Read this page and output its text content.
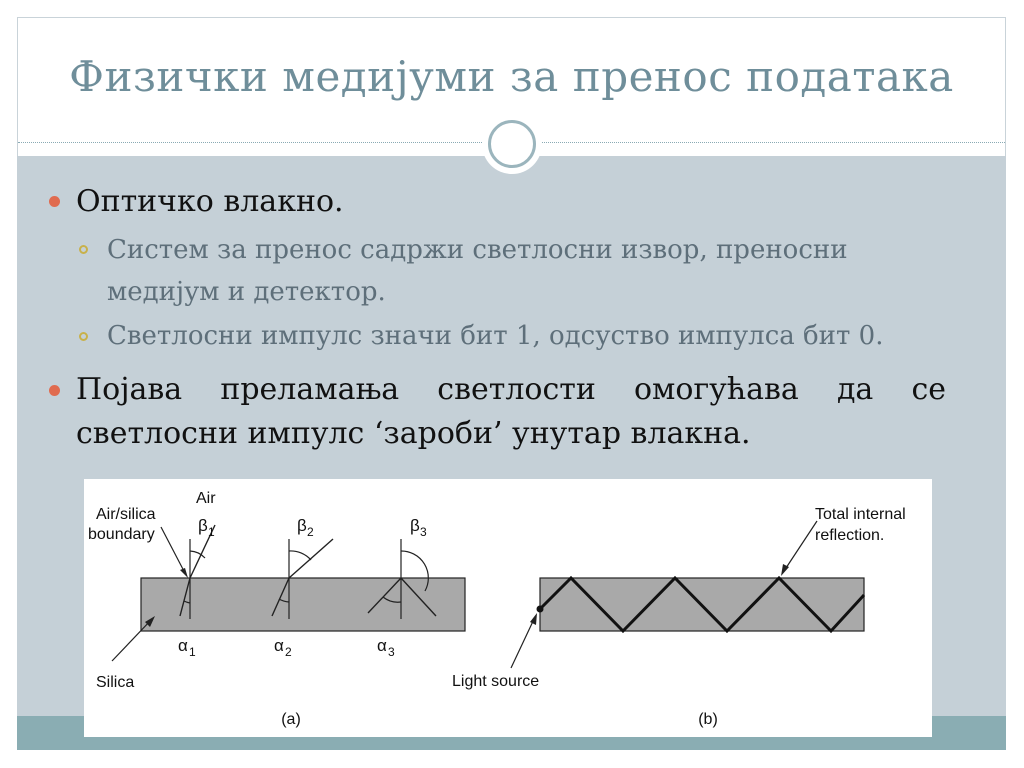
Физички медијуми за пренос података
Оптичко влакно.
Систем за пренос садржи светлосни извор, преносни
медијум и детектор.
Светлосни импулс значи бит 1, одсуство импулса бит 0.
Појава    преламања    светлости    омогућава    да    се
светлосни импулс ‘зароби’ унутар влакна.
Air
Air/silica
boundary
Silica
β 1	β 2	β 3
α 1	α 2	α 3
(a)
Total internal
reflection.
Light source
(b)
